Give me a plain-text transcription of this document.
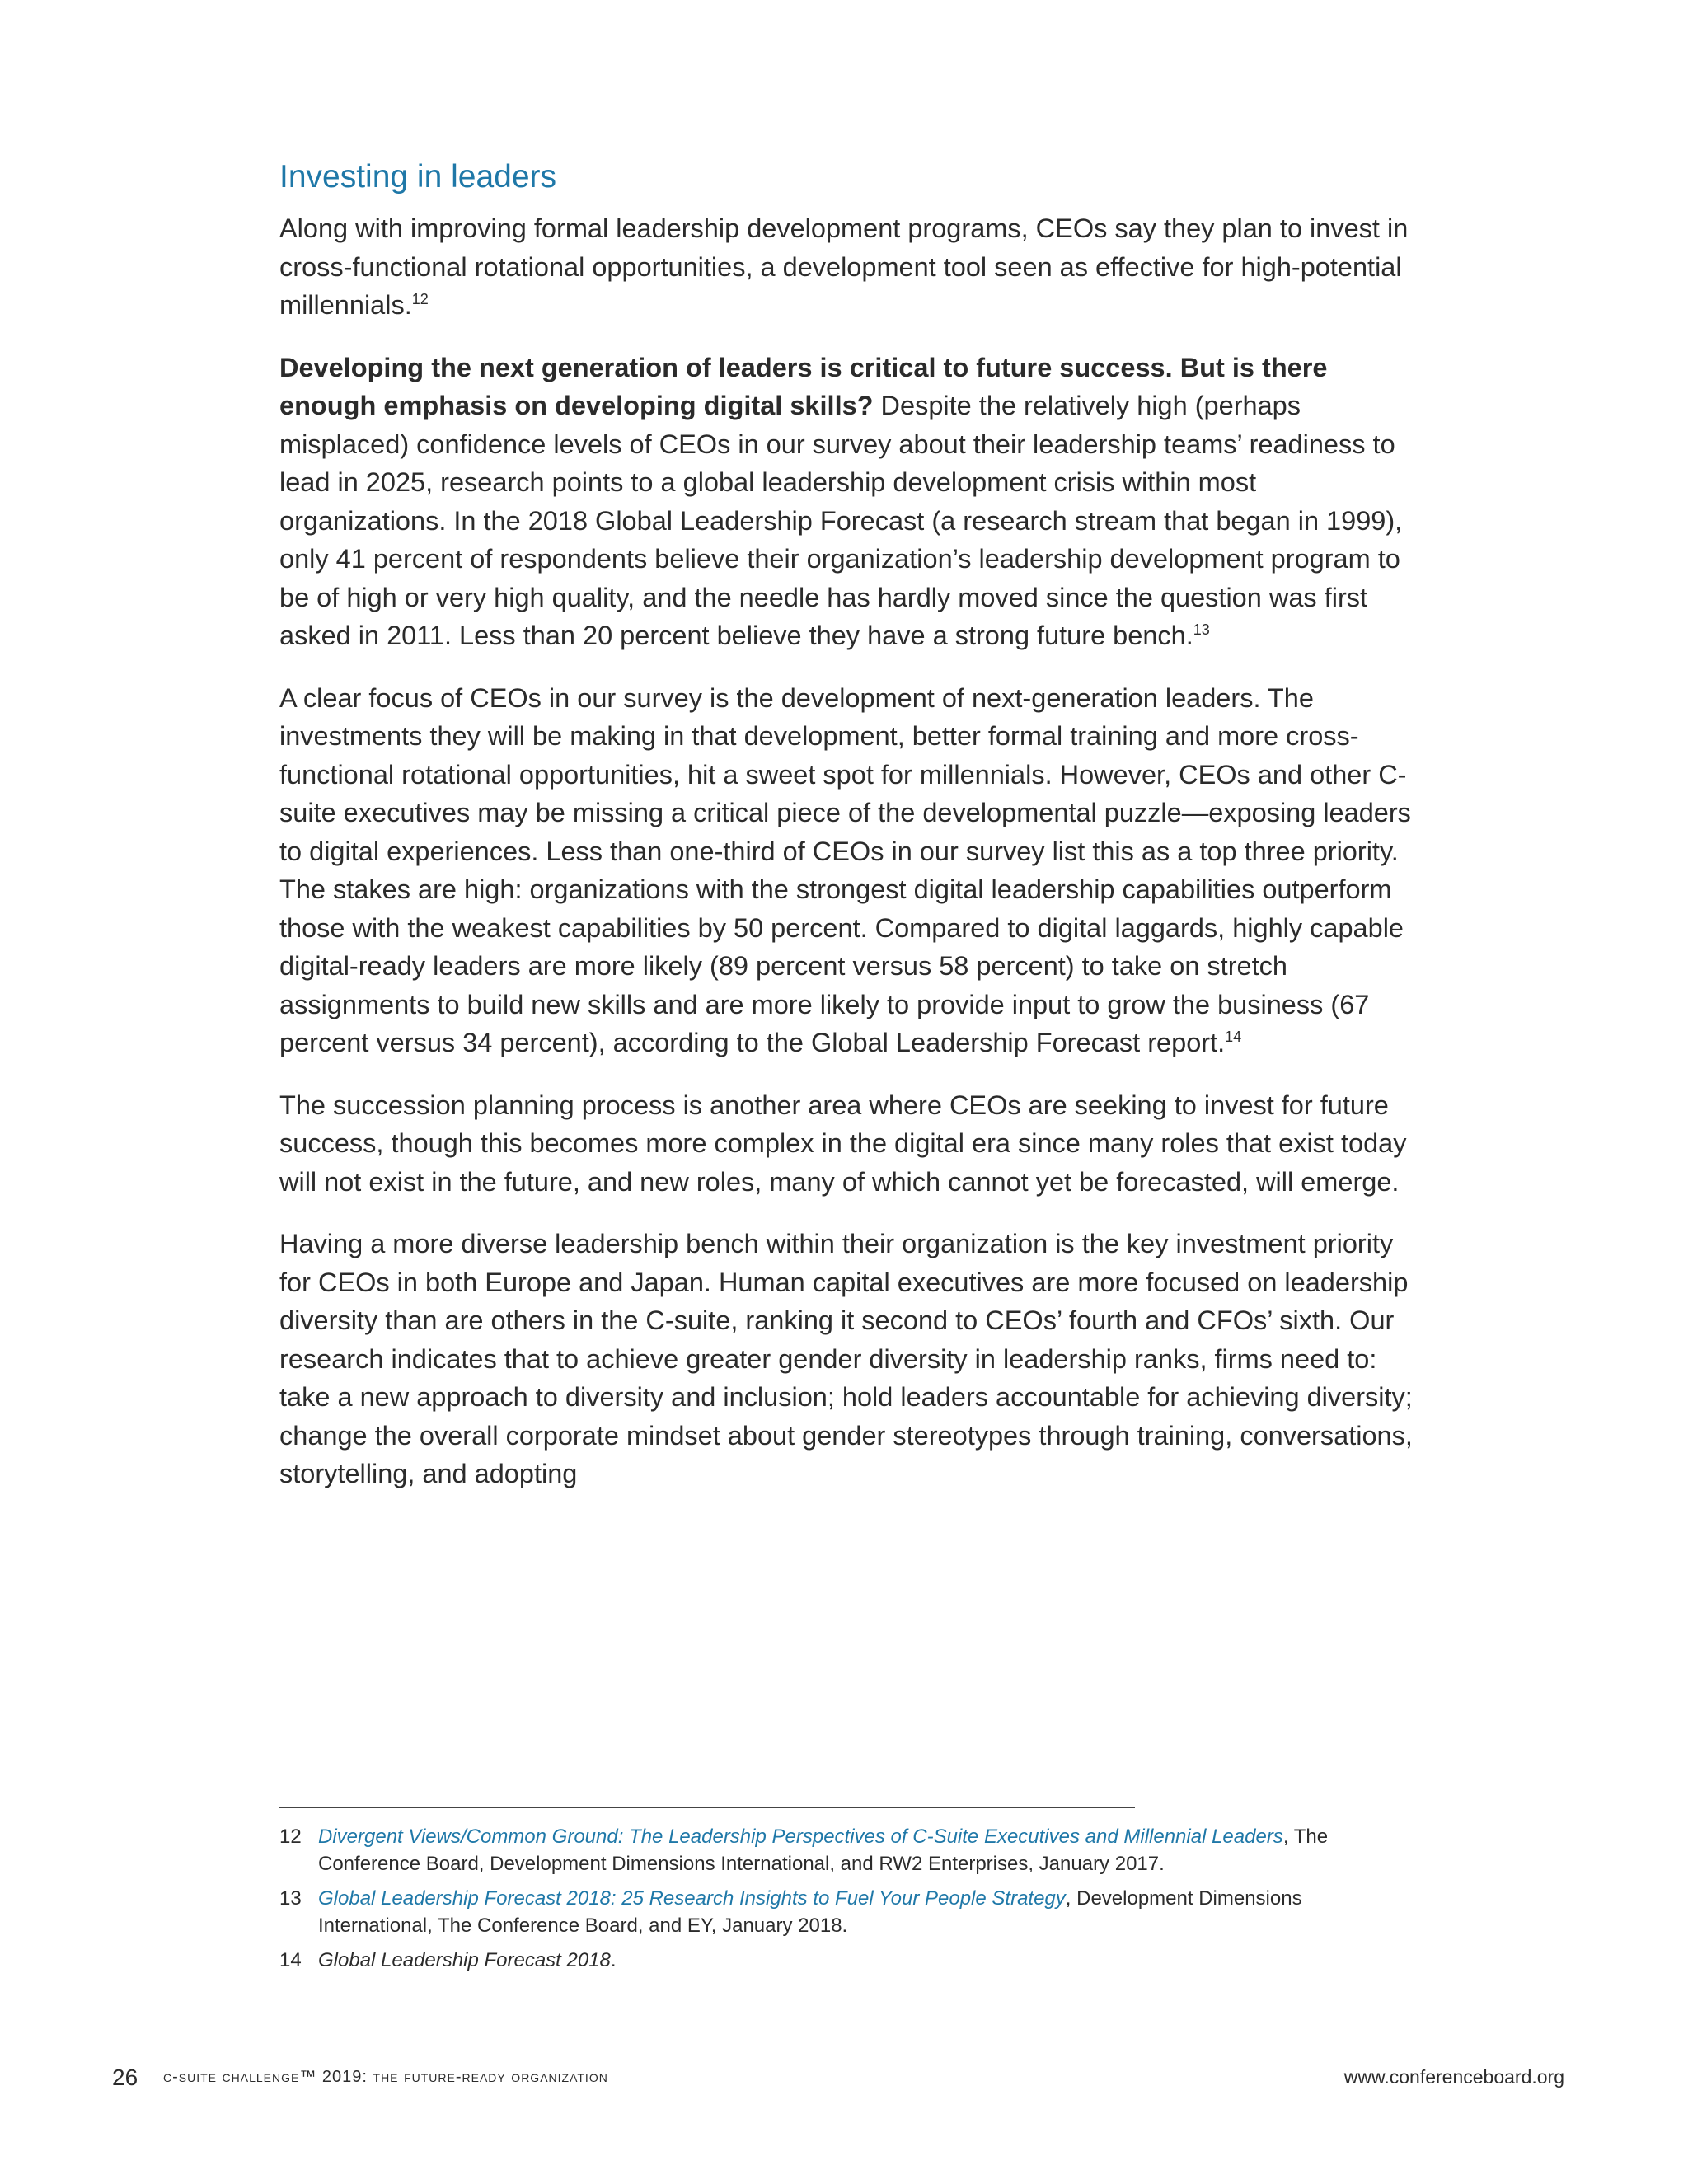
Investing in leaders

Along with improving formal leadership development programs, CEOs say they plan to invest in cross-functional rotational opportunities, a development tool seen as effective for high-potential millennials.$^{12}$

Developing the next generation of leaders is critical to future success. But is there enough emphasis on developing digital skills? Despite the relatively high (perhaps misplaced) confidence levels of CEOs in our survey about their leadership teams’ readiness to lead in 2025, research points to a global leadership development crisis within most organizations. In the 2018 Global Leadership Forecast (a research stream that began in 1999), only 41 percent of respondents believe their organization’s leadership development program to be of high or very high quality, and the needle has hardly moved since the question was first asked in 2011. Less than 20 percent believe they have a strong future bench.$^{13}$

A clear focus of CEOs in our survey is the development of next-generation leaders. The investments they will be making in that development, better formal training and more cross-functional rotational opportunities, hit a sweet spot for millennials. However, CEOs and other C-suite executives may be missing a critical piece of the developmental puzzle—exposing leaders to digital experiences. Less than one-third of CEOs in our survey list this as a top three priority. The stakes are high: organizations with the strongest digital leadership capabilities outperform those with the weakest capabilities by 50 percent. Compared to digital laggards, highly capable digital-ready leaders are more likely (89 percent versus 58 percent) to take on stretch assignments to build new skills and are more likely to provide input to grow the business (67 percent versus 34 percent), according to the Global Leadership Forecast report.$^{14}$

The succession planning process is another area where CEOs are seeking to invest for future success, though this becomes more complex in the digital era since many roles that exist today will not exist in the future, and new roles, many of which cannot yet be forecasted, will emerge.

Having a more diverse leadership bench within their organization is the key investment priority for CEOs in both Europe and Japan. Human capital executives are more focused on leadership diversity than are others in the C-suite, ranking it second to CEOs’ fourth and CFOs’ sixth. Our research indicates that to achieve greater gender diversity in leadership ranks, firms need to: take a new approach to diversity and inclusion; hold leaders accountable for achieving diversity; change the overall corporate mindset about gender stereotypes through training, conversations, storytelling, and adopting

12 Divergent Views/Common Ground: The Leadership Perspectives of C-Suite Executives and Millennial Leaders, The Conference Board, Development Dimensions International, and RW2 Enterprises, January 2017.
13 Global Leadership Forecast 2018: 25 Research Insights to Fuel Your People Strategy, Development Dimensions International, The Conference Board, and EY, January 2018.
14 Global Leadership Forecast 2018.
26 c-suite challenge™ 2019: the future-ready organization	www.conferenceboard.org
